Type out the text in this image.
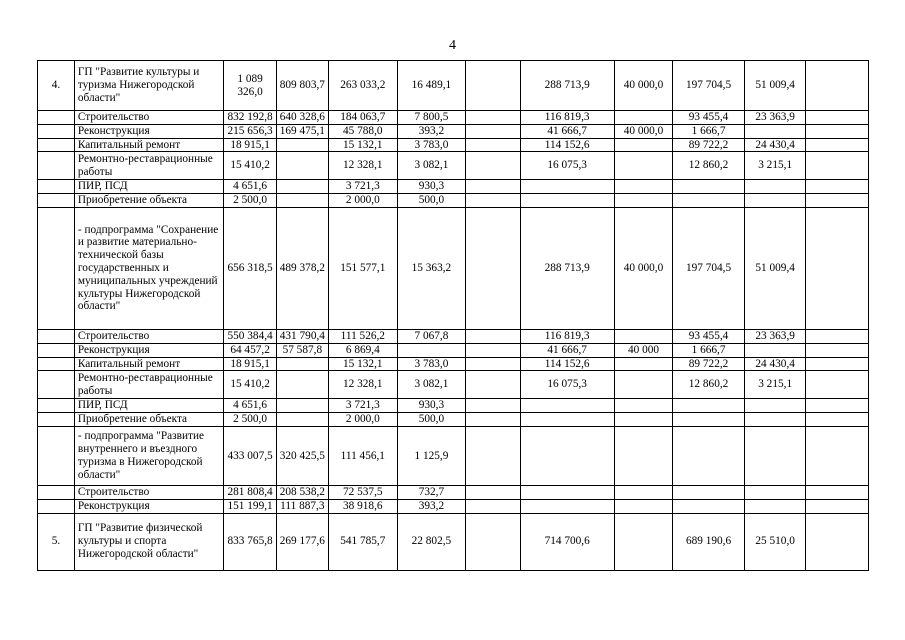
4
4.	ГП "Развитие культуры и туризма Нижегородской области"	1 089 326,0	809 803,7	263 033,2	16 489,1		288 713,9	40 000,0	197 704,5	51 009,4	
	Строительство	832 192,8	640 328,6	184 063,7	7 800,5		116 819,3		93 455,4	23 363,9	
	Реконструкция	215 656,3	169 475,1	45 788,0	393,2		41 666,7	40 000,0	1 666,7		
	Капитальный ремонт	18 915,1		15 132,1	3 783,0		114 152,6		89 722,2	24 430,4	
	Ремонтно-реставрационные работы	15 410,2		12 328,1	3 082,1		16 075,3		12 860,2	3 215,1	
	ПИР, ПСД	4 651,6		3 721,3	930,3						
	Приобретение объекта	2 500,0		2 000,0	500,0						
	- подпрограмма "Сохранение и развитие материально-технической базы государственных и муниципальных учреждений культуры Нижегородской области"	656 318,5	489 378,2	151 577,1	15 363,2		288 713,9	40 000,0	197 704,5	51 009,4	
	Строительство	550 384,4	431 790,4	111 526,2	7 067,8		116 819,3		93 455,4	23 363,9	
	Реконструкция	64 457,2	57 587,8	6 869,4			41 666,7	40 000	1 666,7		
	Капитальный ремонт	18 915,1		15 132,1	3 783,0		114 152,6		89 722,2	24 430,4	
	Ремонтно-реставрационные работы	15 410,2		12 328,1	3 082,1		16 075,3		12 860,2	3 215,1	
	ПИР, ПСД	4 651,6		3 721,3	930,3						
	Приобретение объекта	2 500,0		2 000,0	500,0						
	- подпрограмма "Развитие внутреннего и въездного туризма в Нижегородской области"	433 007,5	320 425,5	111 456,1	1 125,9						
	Строительство	281 808,4	208 538,2	72 537,5	732,7						
	Реконструкция	151 199,1	111 887,3	38 918,6	393,2						
5.	ГП "Развитие физической культуры и спорта Нижегородской области"	833 765,8	269 177,6	541 785,7	22 802,5		714 700,6		689 190,6	25 510,0	
